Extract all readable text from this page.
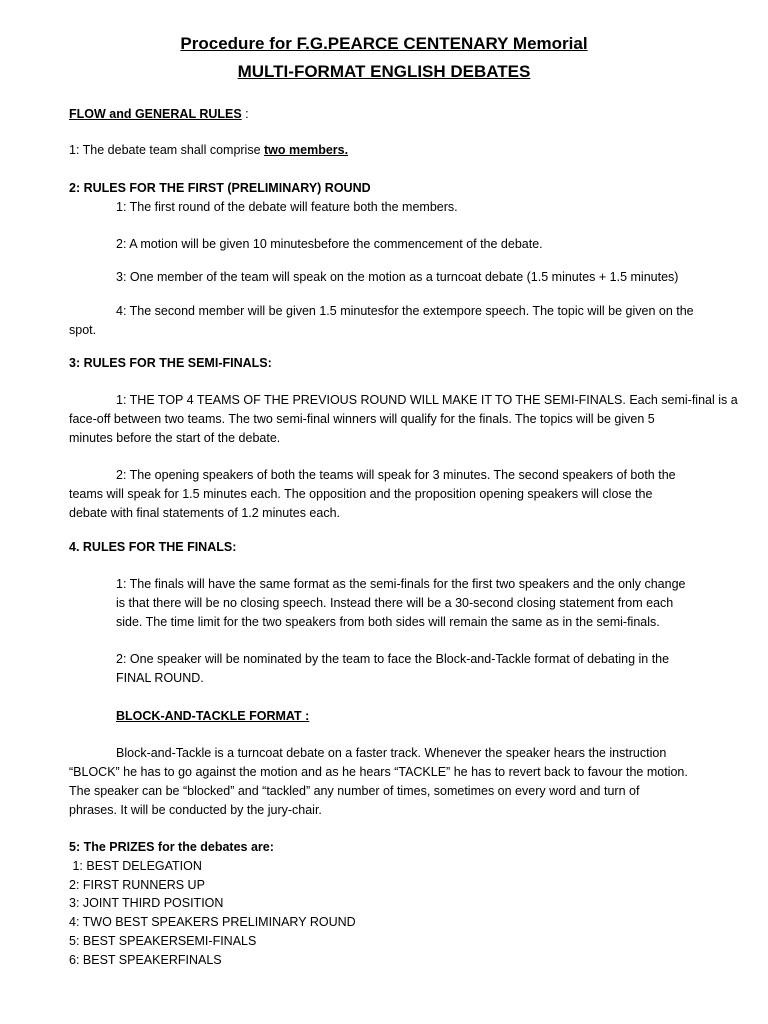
Procedure for F.G.PEARCE CENTENARY Memorial
MULTI-FORMAT ENGLISH DEBATES
FLOW and GENERAL RULES :
1: The debate team shall comprise two members.
2: RULES FOR THE FIRST (PRELIMINARY) ROUND
1: The first round of the debate will feature both the members.
2: A motion will be given 10 minutesbefore the commencement of the debate.
3: One member of the team will speak on the motion as a turncoat debate (1.5 minutes + 1.5 minutes)
4: The second member will be given 1.5 minutesfor the extempore speech. The topic will be given on the
spot.
3: RULES FOR THE SEMI-FINALS:
1: THE TOP 4 TEAMS OF THE PREVIOUS ROUND WILL MAKE IT TO THE SEMI-FINALS. Each semi-final is a
face-off between two teams. The two semi-final winners will qualify for the finals. The topics will be given 5
minutes before the start of the debate.
2: The opening speakers of both the teams will speak for 3 minutes. The second speakers of both the
teams will speak for 1.5 minutes each. The opposition and the proposition opening speakers will close the
debate with final statements of 1.2 minutes each.
4. RULES FOR THE FINALS:
1: The finals will have the same format as the semi-finals for the first two speakers and the only change
is that there will be no closing speech. Instead there will be a 30-second closing statement from each
side. The time limit for the two speakers from both sides will remain the same as in the semi-finals.
2: One speaker will be nominated by the team to face the Block-and-Tackle format of debating in the
FINAL ROUND.
BLOCK-AND-TACKLE FORMAT :
Block-and-Tackle is a turncoat debate on a faster track. Whenever the speaker hears the instruction
“BLOCK” he has to go against the motion and as he hears “TACKLE” he has to revert back to favour the motion.
The speaker can be “blocked” and “tackled” any number of times, sometimes on every word and turn of
phrases. It will be conducted by the jury-chair.
5: The PRIZES for the debates are:
1: BEST DELEGATION
2: FIRST RUNNERS UP
3: JOINT THIRD POSITION
4: TWO BEST SPEAKERS PRELIMINARY ROUND
5: BEST SPEAKERSEMI-FINALS
6: BEST SPEAKERFINALS
